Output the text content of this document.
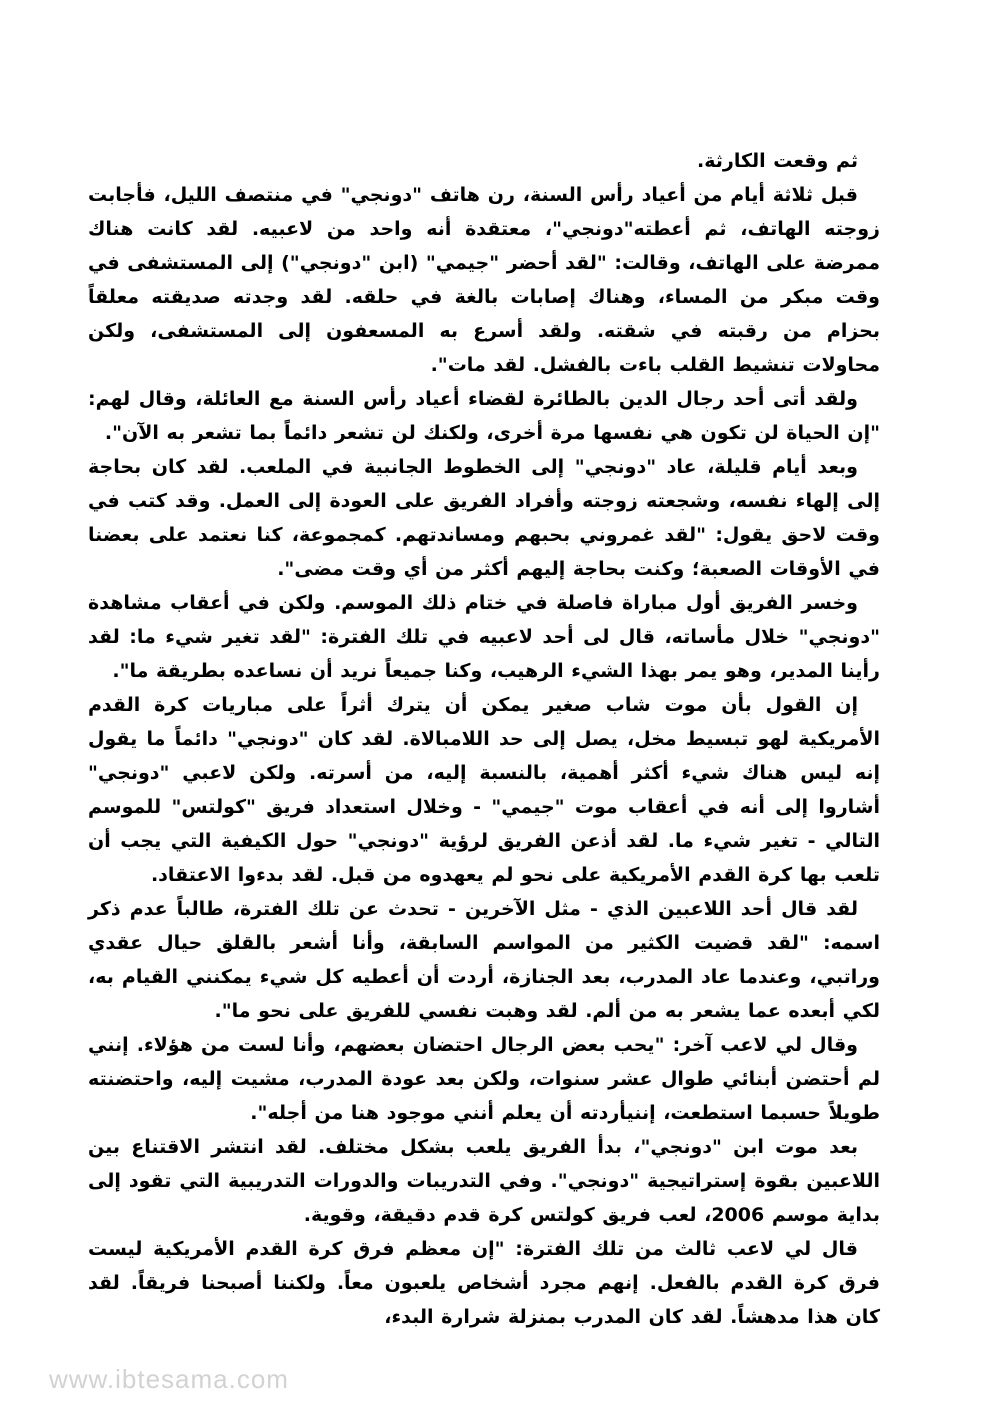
ثم وقعت الكارثة.

قبل ثلاثة أيام من أعياد رأس السنة، رن هاتف "دونجي" في منتصف الليل، فأجابت زوجته الهاتف، ثم أعطته"دونجي"، معتقدة أنه واحد من لاعبيه. لقد كانت هناك ممرضة على الهاتف، وقالت: "لقد أحضر "جيمي" (ابن "دونجي") إلى المستشفى في وقت مبكر من المساء، وهناك إصابات بالغة في حلقه. لقد وجدته صديقته معلقاً بحزام من رقبته في شقته. ولقد أسرع به المسعفون إلى المستشفى، ولكن محاولات تنشيط القلب باءت بالفشل. لقد مات".

ولقد أتى أحد رجال الدين بالطائرة لقضاء أعياد رأس السنة مع العائلة، وقال لهم: "إن الحياة لن تكون هي نفسها مرة أخرى، ولكنك لن تشعر دائماً بما تشعر به الآن".

وبعد أيام قليلة، عاد "دونجي" إلى الخطوط الجانبية في الملعب. لقد كان بحاجة إلى إلهاء نفسه، وشجعته زوجته وأفراد الفريق على العودة إلى العمل. وقد كتب في وقت لاحق يقول: "لقد غمروني بحبهم ومساندتهم. كمجموعة، كنا نعتمد على بعضنا في الأوقات الصعبة؛ وكنت بحاجة إليهم أكثر من أي وقت مضى".

وخسر الفريق أول مباراة فاصلة في ختام ذلك الموسم. ولكن في أعقاب مشاهدة "دونجي" خلال مأساته، قال لى أحد لاعبيه في تلك الفترة: "لقد تغير شيء ما: لقد رأينا المدير، وهو يمر بهذا الشيء الرهيب، وكنا جميعاً نريد أن نساعده بطريقة ما".

إن القول بأن موت شاب صغير يمكن أن يترك أثراً على مباريات كرة القدم الأمريكية لهو تبسيط مخل، يصل إلى حد اللامبالاة. لقد كان "دونجي" دائماً ما يقول إنه ليس هناك شيء أكثر أهمية، بالنسبة إليه، من أسرته. ولكن لاعبي "دونجي" أشاروا إلى أنه في أعقاب موت "جيمي" - وخلال استعداد فريق "كولتس" للموسم التالي - تغير شيء ما. لقد أذعن الفريق لرؤية "دونجي" حول الكيفية التي يجب أن تلعب بها كرة القدم الأمريكية على نحو لم يعهدوه من قبل. لقد بدءوا الاعتقاد.

لقد قال أحد اللاعبين الذي - مثل الآخرين - تحدث عن تلك الفترة، طالباً عدم ذكر اسمه: "لقد قضيت الكثير من المواسم السابقة، وأنا أشعر بالقلق حيال عقدي وراتبي، وعندما عاد المدرب، بعد الجنازة، أردت أن أعطيه كل شيء يمكنني القيام به، لكي أبعده عما يشعر به من ألم. لقد وهبت نفسي للفريق على نحو ما".

وقال لي لاعب آخر: "يحب بعض الرجال احتضان بعضهم، وأنا لست من هؤلاء. إنني لم أحتضن أبنائي طوال عشر سنوات، ولكن بعد عودة المدرب، مشيت إليه، واحتضنته طويلاً حسبما استطعت، إننيأردته أن يعلم أنني موجود هنا من أجله".

بعد موت ابن "دونجي"، بدأ الفريق يلعب بشكل مختلف. لقد انتشر الاقتناع بين اللاعبين بقوة إستراتيجية "دونجي". وفي التدريبات والدورات التدريبية التي تقود إلى بداية موسم 2006، لعب فريق كولتس كرة قدم دقيقة، وقوية.

قال لي لاعب ثالث من تلك الفترة: "إن معظم فرق كرة القدم الأمريكية ليست فرق كرة القدم بالفعل. إنهم مجرد أشخاص يلعبون معاً. ولكننا أصبحنا فريقاً. لقد كان هذا مدهشاً. لقد كان المدرب بمنزلة شرارة البدء،

www.ibtesama.com
